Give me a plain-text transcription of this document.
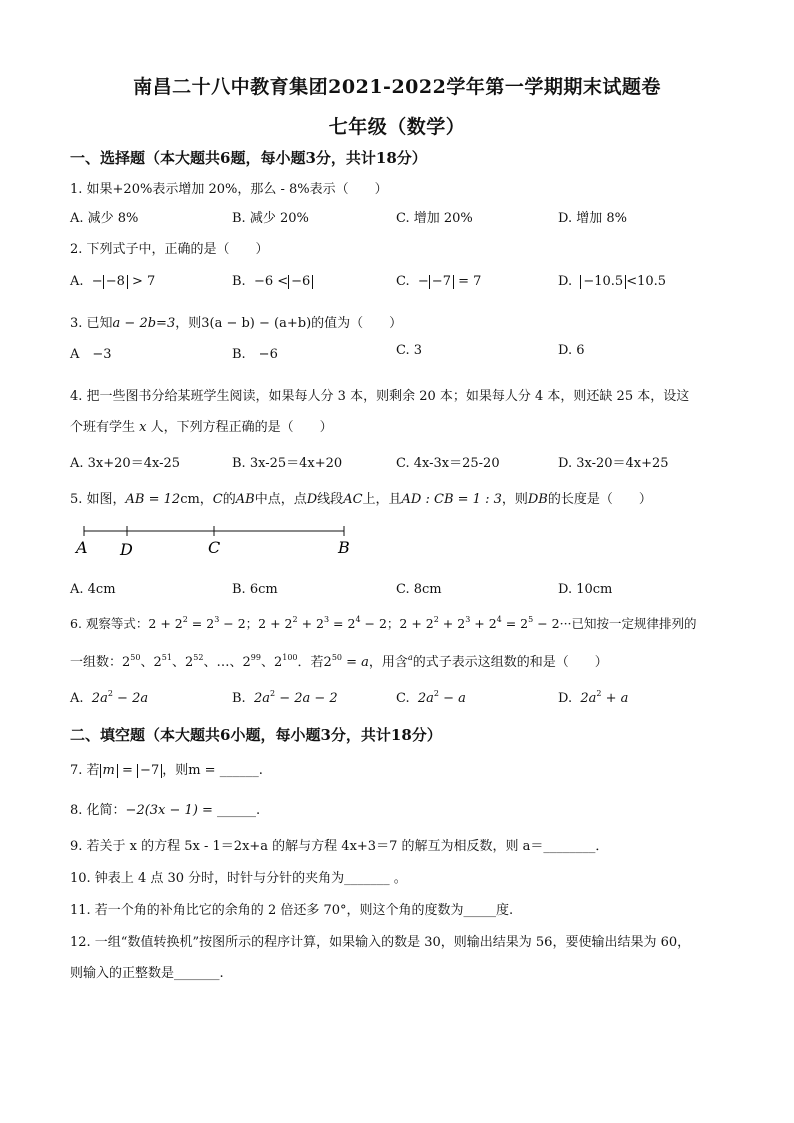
南昌二十八中教育集团2021-2022学年第一学期期末试题卷
七年级（数学）
一、选择题（本大题共6题，每小题3分，共计18分）
1. 如果+20%表示增加 20%，那么 - 8%表示（　　）
A. 减少 8%	B. 减少 20%	C. 增加 20%	D. 增加 8%
2. 下列式子中，正确的是（　　）
A.  − −8 > 7	B. −6 < −6	C.  − −7 = 7	D. −10.5 <10.5
3. 已知a − 2b=3，则3(a − b) − (a+b)的值为（　　）
A　−3	B.　−6	C. 3	D. 6
4. 把一些图书分给某班学生阅读，如果每人分 3 本，则剩余 20 本；如果每人分 4 本，则还缺 25 本，设这
个班有学生 x 人，下列方程正确的是（　　）
A. 3x+20＝4x-25	B. 3x-25＝4x+20	C. 4x-3x＝25-20	D. 3x-20＝4x+25
5. 如图，AB = 12cm，C的AB中点，点D线段AC上，且AD : CB = 1 : 3，则DB的长度是（　　）
A D	C	B
A. 4cm	B. 6cm	C. 8cm	D. 10cm
6. 观察等式：$2 + 2^2 = 2^3 - 2$；$2 + 2^2 + 2^3 = 2^4 - 2$；$2 + 2^2 + 2^3 + 2^4 = 2^5 - 2\cdot\cdot\cdot$已知按一定规律排列的
一组数：$2^{50}$、$2^{51}$、$2^{52}$、…、$2^{99}$、$2^{100}$．若$2^{50} = a$，用含$^a$的式子表示这组数的和是（　　）
A. $2a^2 - 2a$	B. $2a^2 - 2a - 2$	C. $2a^2 - a$	D. $2a^2 + a$
二、填空题（本大题共6小题，每小题3分，共计18分）
7. 若 m = −7 ，则m = ______.
8. 化简：−2(3x − 1) = ______.
9. 若关于 x 的方程 5x - 1＝2x+a 的解与方程 4x+3＝7 的解互为相反数，则 a＝________．
10. 钟表上 4 点 30 分时，时针与分针的夹角为_______ 。
11. 若一个角的补角比它的余角的 2 倍还多 70°，则这个角的度数为_____度.
12. 一组“数值转换机”按图所示的程序计算，如果输入的数是 30，则输出结果为 56，要使输出结果为 60，
则输入的正整数是_______.
